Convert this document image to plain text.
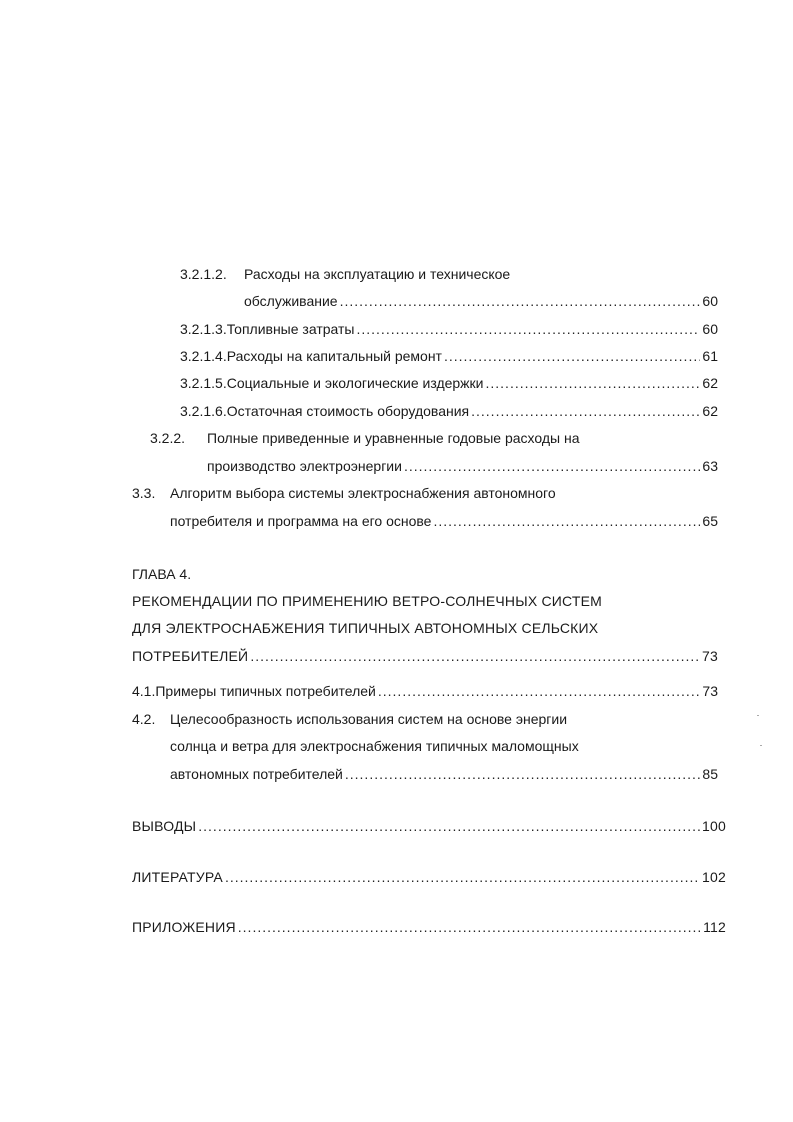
3.2.1.2.	Расходы на эксплуатацию и техническое
обслуживание .....	60
3.2.1.3. Топливные затраты .....	60
3.2.1.4. Расходы на капитальный ремонт .....	61
3.2.1.5. Социальные и экологические издержки .....	62
3.2.1.6. Остаточная стоимость оборудования .....	62
3.2.2.	Полные приведенные и уравненные годовые расходы на
производство электроэнергии .....	63
3.3.	Алгоритм выбора системы электроснабжения автономного
потребителя и программа на его основе .....	65
ГЛАВА 4.
РЕКОМЕНДАЦИИ ПО ПРИМЕНЕНИЮ ВЕТРО-СОЛНЕЧНЫХ СИСТЕМ
ДЛЯ ЭЛЕКТРОСНАБЖЕНИЯ ТИПИЧНЫХ АВТОНОМНЫХ СЕЛЬСКИХ
ПОТРЕБИТЕЛЕЙ .....	73
4.1. Примеры типичных потребителей .....	73
4.2.	Целесообразность использования систем на основе энергии
солнца и ветра для электроснабжения типичных маломощных
автономных потребителей .....	85
ВЫВОДЫ .....	100
ЛИТЕРАТУРА .....	102
ПРИЛОЖЕНИЯ .....	112
